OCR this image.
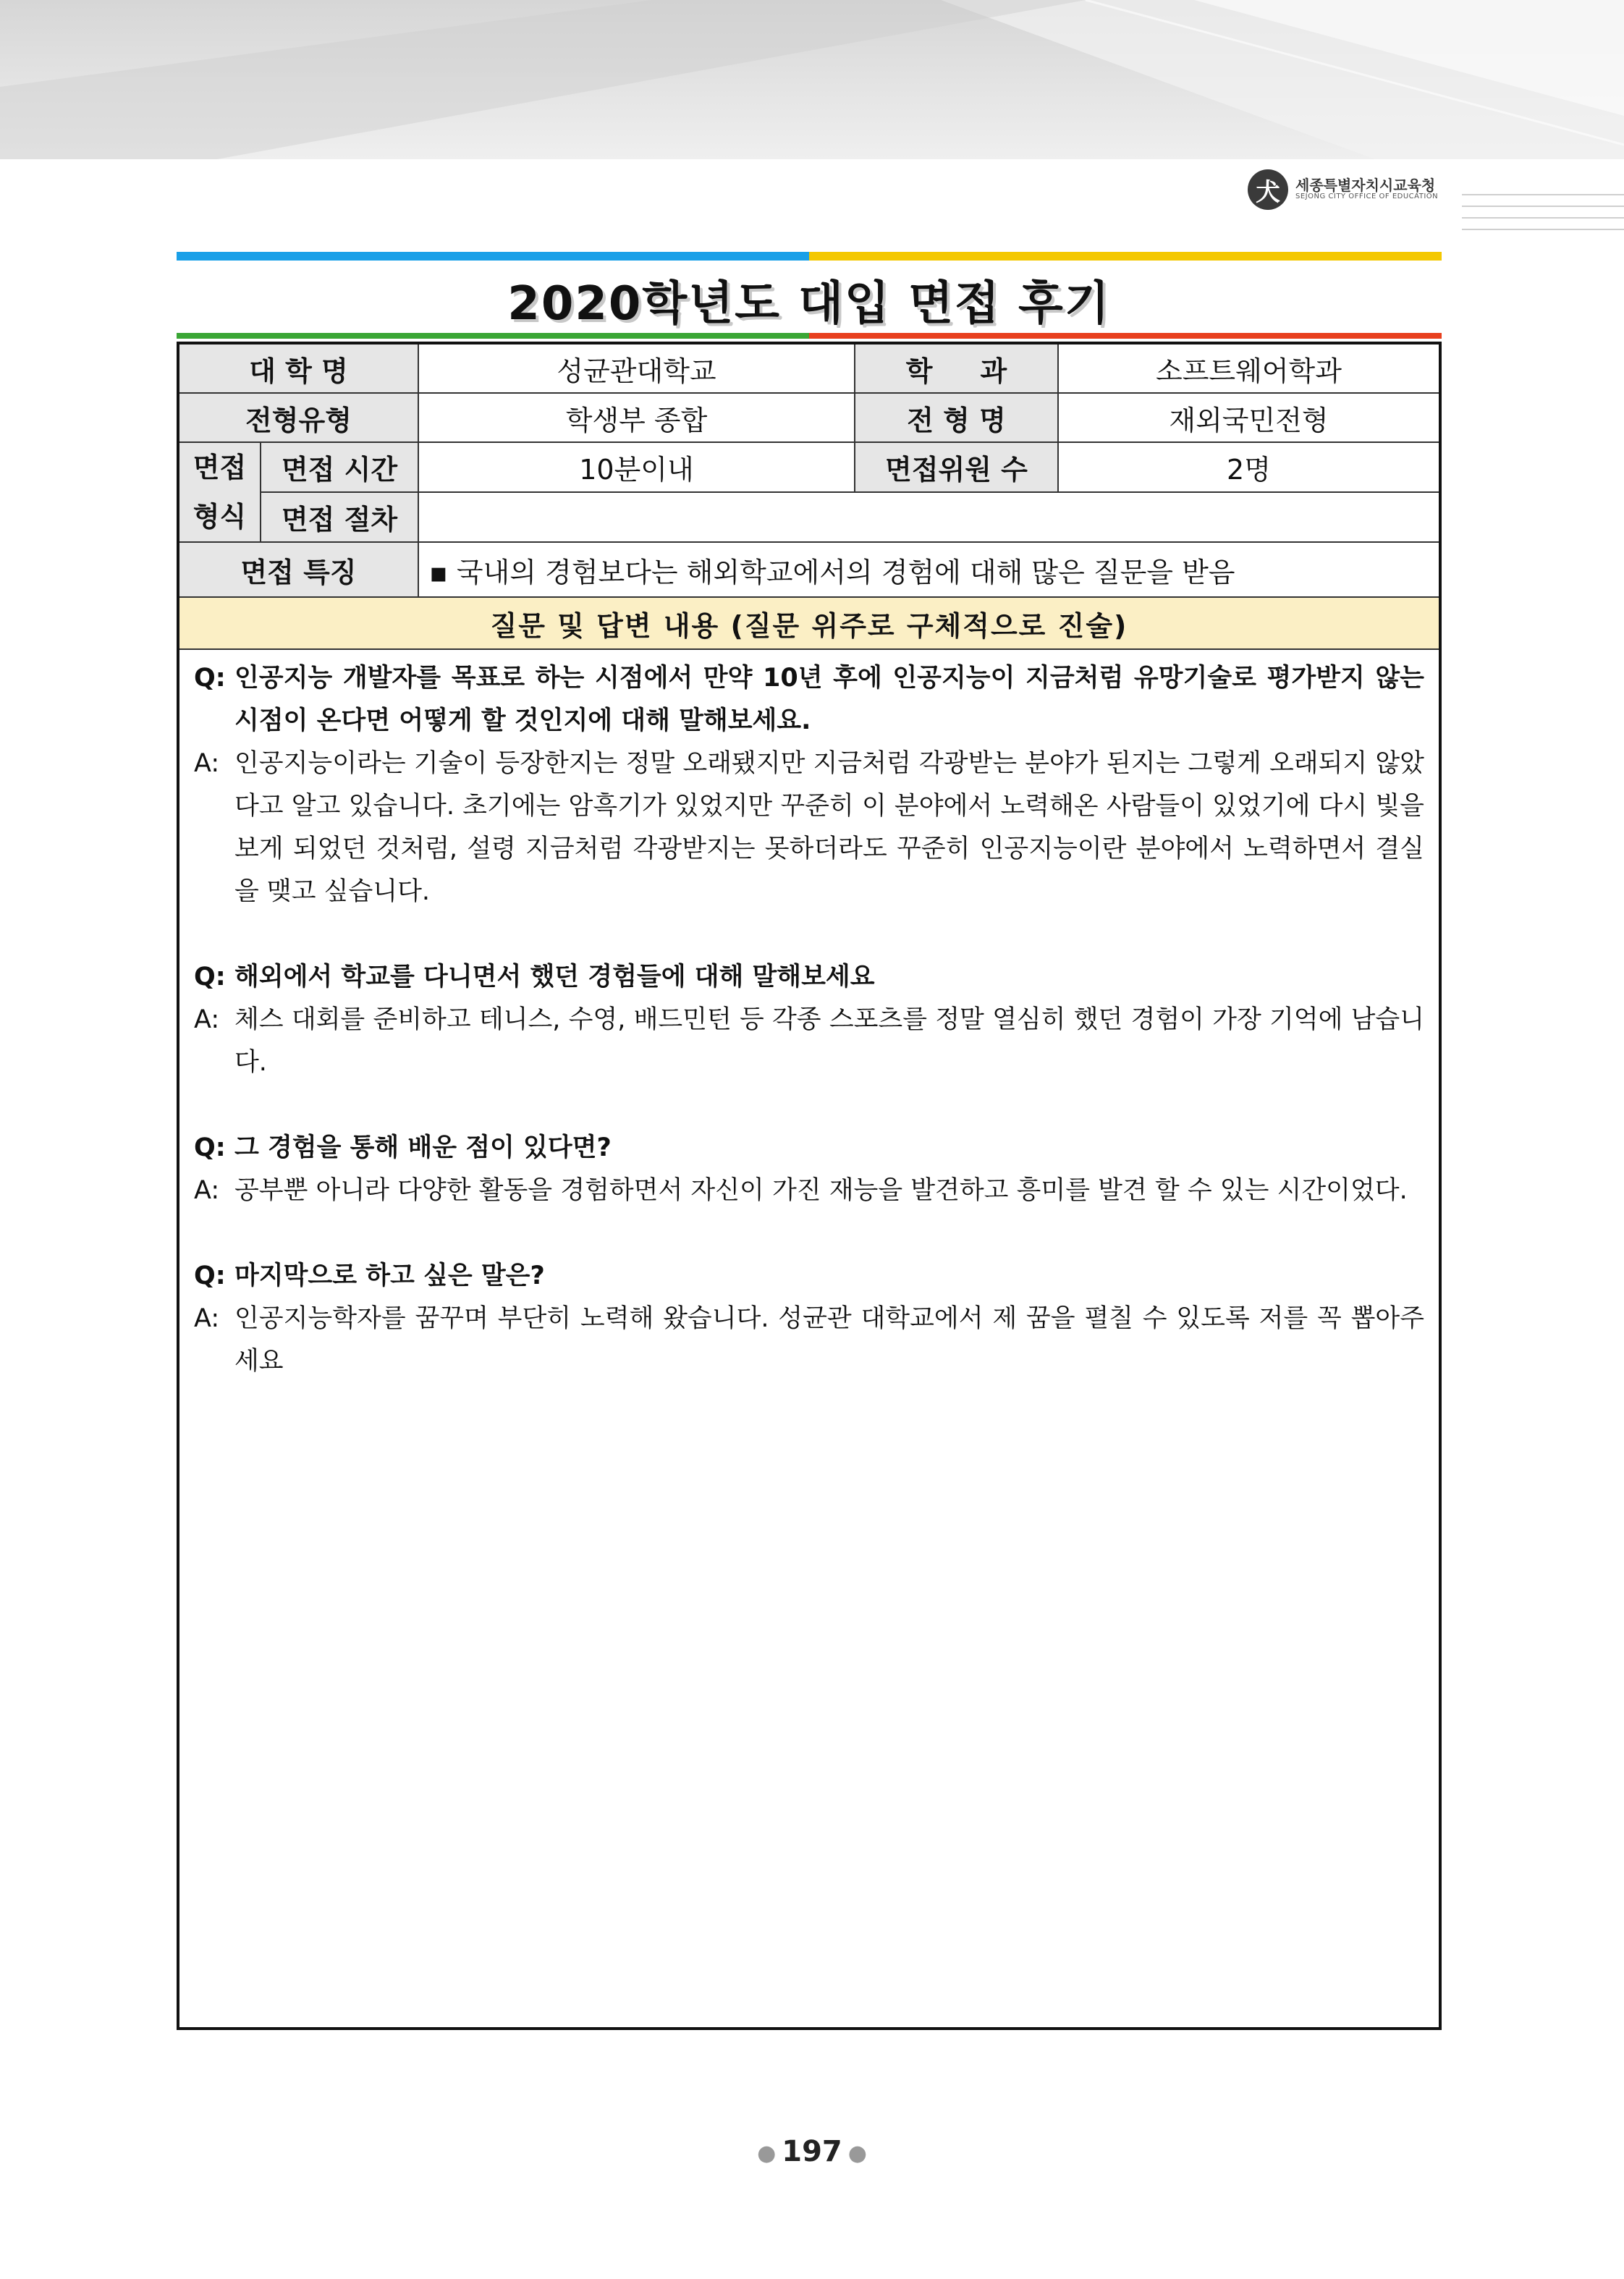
犬	세종특별자치시교육청
SEJONG CITY OFFICE OF EDUCATION
2020학년도 대입 면접 후기
대 학 명		성균관대학교	학     과	소프트웨어학과
전형유형		학생부 종합	전 형 명	재외국민전형
면접
형식	면접 시간	10분이내	면접위원 수	2명
	면접 절차			
면접 특징		▪ 국내의 경험보다는 해외학교에서의 경험에 대해 많은 질문을 받음		
질문 및 답변 내용 (질문 위주로 구체적으로 진술)				
Q: 인공지능 개발자를 목표로 하는 시점에서 만약 10년 후에 인공지능이 지금처럼 유망기술로 평가받지 않는 시점이 온다면 어떻게 할 것인지에 대해 말해보세요.
A: 인공지능이라는 기술이 등장한지는 정말 오래됐지만 지금처럼 각광받는 분야가 된지는 그렇게 오래되지 않았다고 알고 있습니다. 초기에는 암흑기가 있었지만 꾸준히 이 분야에서 노력해온 사람들이 있었기에 다시 빛을 보게 되었던 것처럼, 설령 지금처럼 각광받지는 못하더라도 꾸준히 인공지능이란 분야에서 노력하면서 결실을 맺고 싶습니다.
Q: 해외에서 학교를 다니면서 했던 경험들에 대해 말해보세요
A: 체스 대회를 준비하고 테니스, 수영, 배드민턴 등 각종 스포츠를 정말 열심히 했던 경험이 가장 기억에 남습니다.
Q: 그 경험을 통해 배운 점이 있다면?
A: 공부뿐 아니라 다양한 활동을 경험하면서 자신이 가진 재능을 발견하고 흥미를 발견 할 수 있는 시간이었다.
Q: 마지막으로 하고 싶은 말은?
A: 인공지능학자를 꿈꾸며 부단히 노력해 왔습니다. 성균관 대학교에서 제 꿈을 펼칠 수 있도록 저를 꼭 뽑아주세요
● 197 ●
